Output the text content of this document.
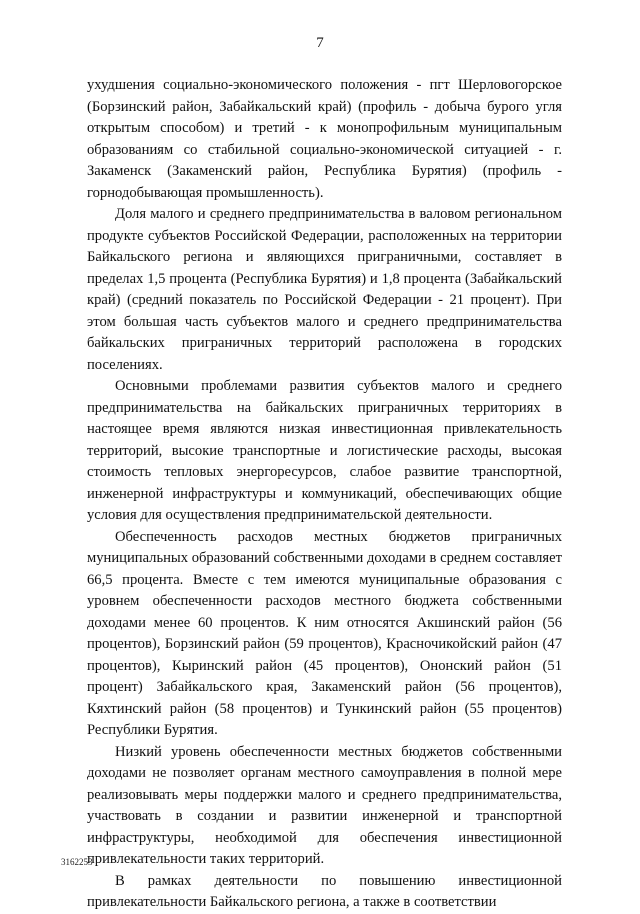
7

ухудшения социально-экономического положения - пгт Шерловогорское (Борзинский район, Забайкальский край) (профиль - добыча бурого угля открытым способом) и третий - к монопрофильным муниципальным образованиям со стабильной социально-экономической ситуацией - г. Закаменск (Закаменский район, Республика Бурятия) (профиль - горнодобывающая промышленность).

Доля малого и среднего предпринимательства в валовом региональном продукте субъектов Российской Федерации, расположенных на территории Байкальского региона и являющихся приграничными, составляет в пределах 1,5 процента (Республика Бурятия) и 1,8 процента (Забайкальский край) (средний показатель по Российской Федерации - 21 процент). При этом большая часть субъектов малого и среднего предпринимательства байкальских приграничных территорий расположена в городских поселениях.

Основными проблемами развития субъектов малого и среднего предпринимательства на байкальских приграничных территориях в настоящее время являются низкая инвестиционная привлекательность территорий, высокие транспортные и логистические расходы, высокая стоимость тепловых энергоресурсов, слабое развитие транспортной, инженерной инфраструктуры и коммуникаций, обеспечивающих общие условия для осуществления предпринимательской деятельности.

Обеспеченность расходов местных бюджетов приграничных муниципальных образований собственными доходами в среднем составляет 66,5 процента. Вместе с тем имеются муниципальные образования с уровнем обеспеченности расходов местного бюджета собственными доходами менее 60 процентов. К ним относятся Акшинский район (56 процентов), Борзинский район (59 процентов), Красночикойский район (47 процентов), Кыринский район (45 процентов), Ононский район (51 процент) Забайкальского края, Закаменский район (56 процентов), Кяхтинский район (58 процентов) и Тункинский район (55 процентов) Республики Бурятия.

Низкий уровень обеспеченности местных бюджетов собственными доходами не позволяет органам местного самоуправления в полной мере реализовывать меры поддержки малого и среднего предпринимательства, участвовать в создании и развитии инженерной и транспортной инфраструктуры, необходимой для обеспечения инвестиционной привлекательности таких территорий.

В рамках деятельности по повышению инвестиционной привлекательности Байкальского региона, а также в соответствии

3162253
